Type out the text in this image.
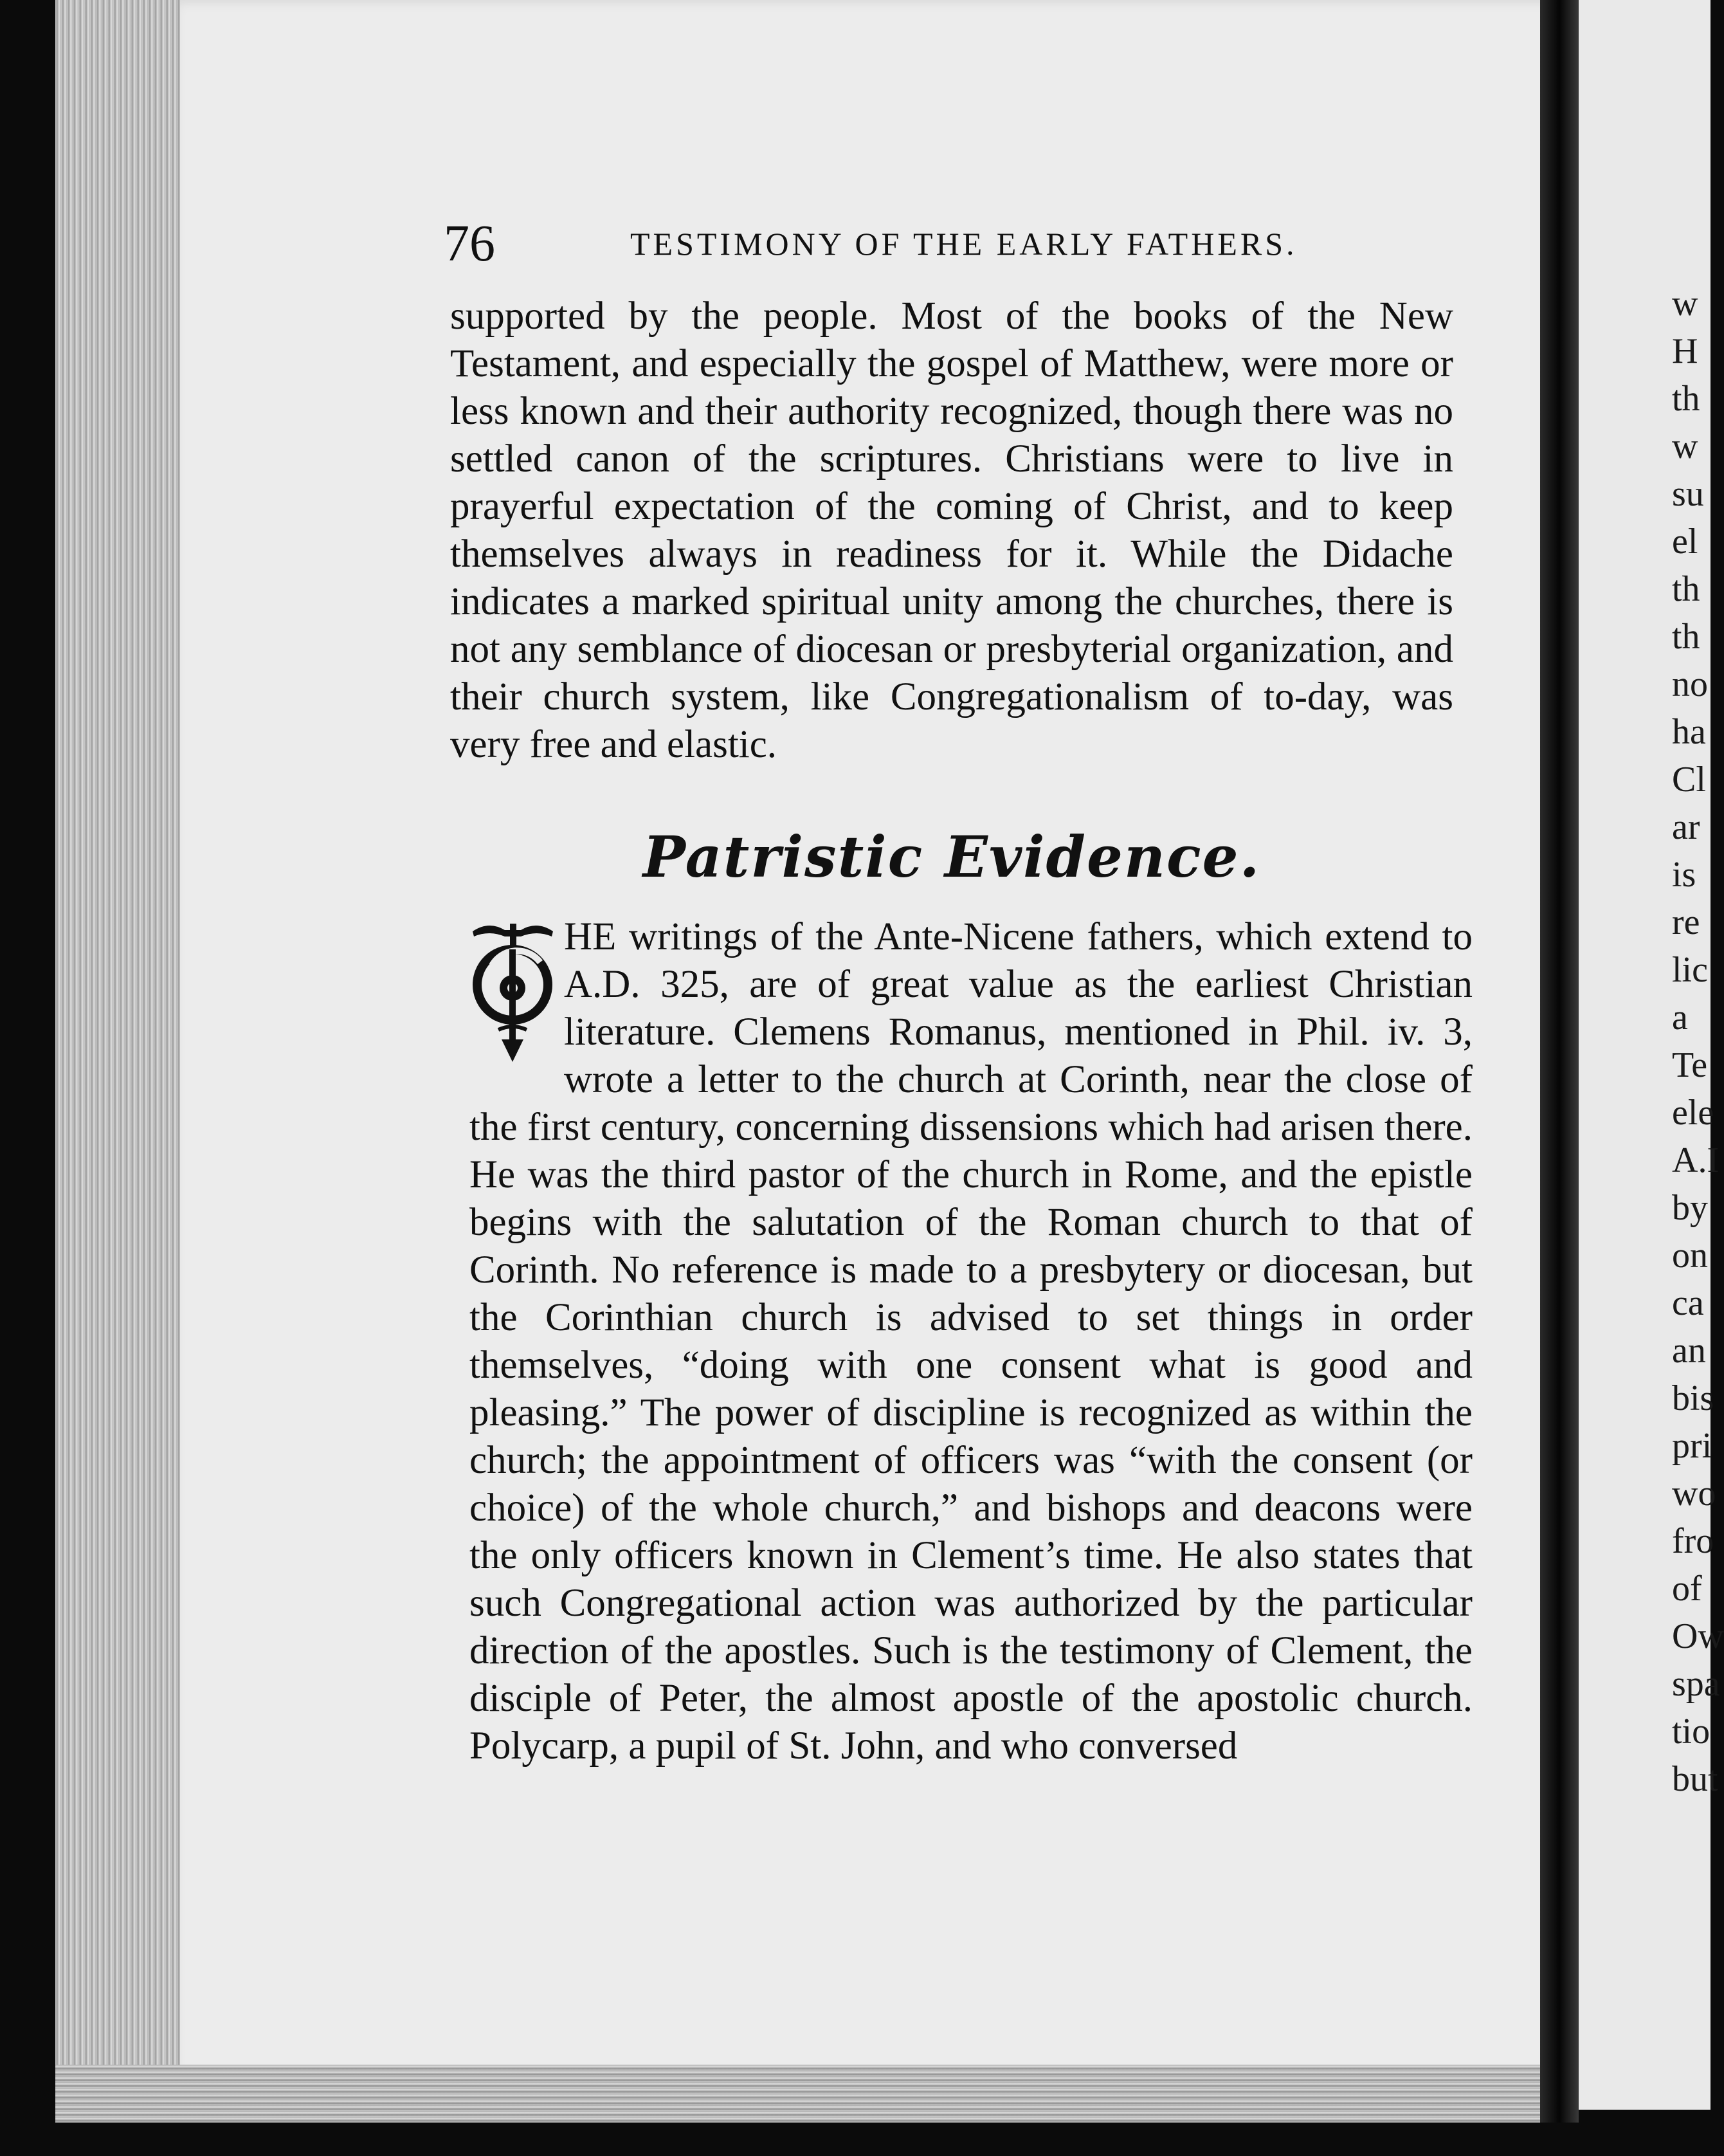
w
H
th
w
su
el
th
th
no
ha
Cl
ar
is
re
lic
a
Te
ele
A.I
by
on
ca
an
bis
pri
wo
fro
of
Ow
spa
tio
but
76	TESTIMONY OF THE EARLY FATHERS.
supported by the people. Most of the books of the New Testament, and especially the gospel of Matthew, were more or less known and their authority recognized, though there was no settled canon of the scriptures. Christians were to live in prayerful expectation of the coming of Christ, and to keep themselves always in readiness for it. While the Didache indicates a marked spiritual unity among the churches, there is not any semblance of diocesan or presbyterial organization, and their church system, like Congregationalism of to-day, was very free and elastic.
Patristic Evidence.
HE writings of the Ante-Nicene fathers, which extend to A.D. 325, are of great value as the earliest Christian literature. Clemens Romanus, mentioned in Phil. iv. 3, wrote a letter to the church at Corinth, near the close of the first century, concerning dissensions which had arisen there. He was the third pastor of the church in Rome, and the epistle begins with the salutation of the Roman church to that of Corinth. No reference is made to a presbytery or diocesan, but the Corinthian church is advised to set things in order themselves, “doing with one consent what is good and pleasing.” The power of discipline is recognized as within the church; the appointment of officers was “with the consent (or choice) of the whole church,” and bishops and deacons were the only officers known in Clement’s time. He also states that such Congregational action was authorized by the particular direction of the apostles. Such is the testimony of Clement, the disciple of Peter, the almost apostle of the apostolic church. Polycarp, a pupil of St. John, and who conversed
